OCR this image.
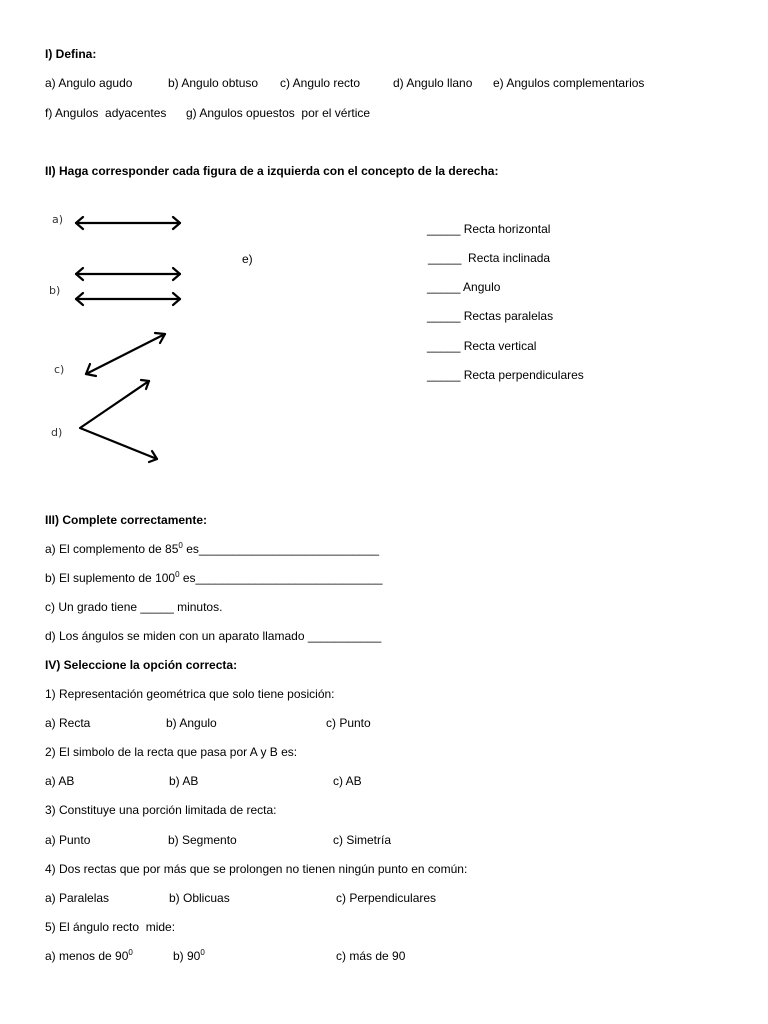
I) Defina:
a) Angulo agudo	b) Angulo obtuso c) Angulo recto	d) Angulo llano e) Angulos complementarios
f) Angulos  adyacentes g) Angulos opuestos  por el vértice
II) Haga corresponder cada figura de a izquierda con el concepto de la derecha:
a)
b)
c)
d)
e)
_____ Recta horizontal
_____ Recta inclinada
_____ Angulo
_____ Rectas paralelas
_____ Recta vertical
_____ Recta perpendiculares
III) Complete correctamente:
a) El complemento de $85^0$ es___________________________
b) El suplemento de $100^0$ es____________________________
c) Un grado tiene _____ minutos.
d) Los ángulos se miden con un aparato llamado ___________
IV) Seleccione la opción correcta:
1) Representación geométrica que solo tiene posición:
a) Recta	b) Angulo	c) Punto
2) El simbolo de la recta que pasa por A y B es:
a) AB	b) AB	c) AB
3) Constituye una porción limitada de recta:
a) Punto	b) Segmento	c) Simetría
4) Dos rectas que por más que se prolongen no tienen ningún punto en común:
a) Paralelas	b) Oblicuas	c) Perpendiculares
5) El ángulo recto  mide:
a) menos de $90^0$	b) $90^0$	c) más de 90
